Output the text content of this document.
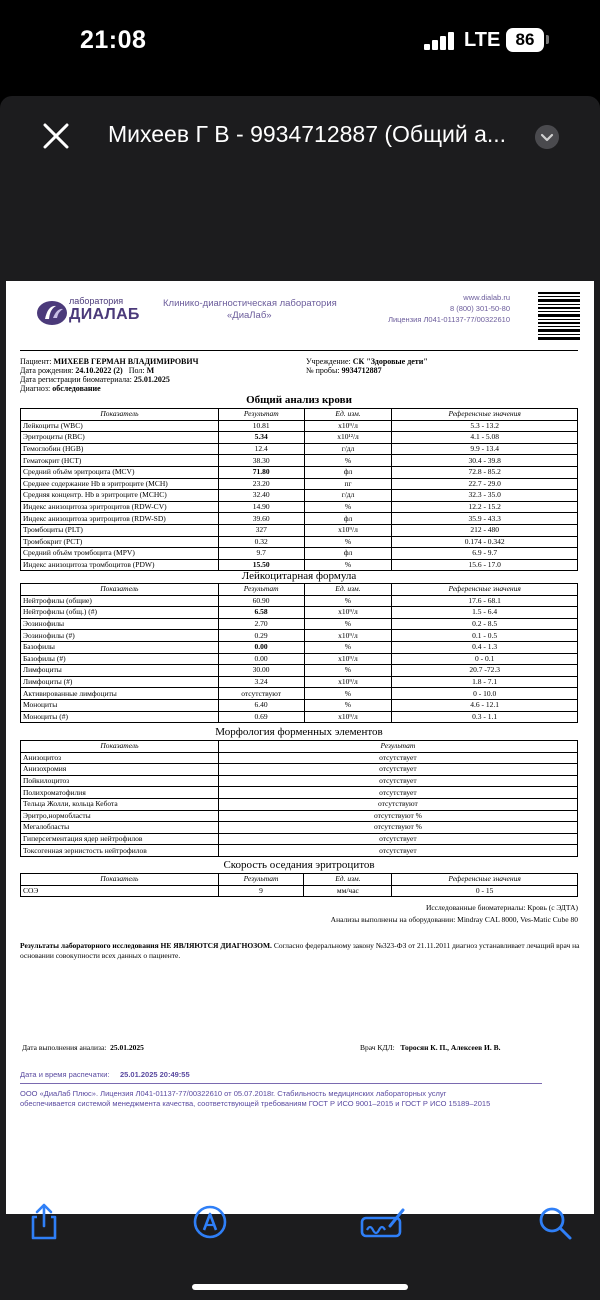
21:08	LTE 86
Михеев Г В - 9934712887 (Общий а...
лаборатория
ДИАЛАБ
Клинико-диагностическая лаборатория
«ДиаЛаб»
www.dialab.ru
8 (800) 301-50-80
Лицензия Л041-01137-77/00322610
Пациент: МИХЕЕВ ГЕРМАН ВЛАДИМИРОВИЧ
Дата рождения: 24.10.2022 (2) Пол: М
Дата регистрации биоматериала: 25.01.2025
Диагноз: обследование
Учреждение: СК "Здоровые дети"
№ пробы: 9934712887
Общий анализ крови
Показатель	Результат	Ед. изм.	Референсные значения
Лейкоциты (WBC)	10.81	x10⁹/л	5.3 - 13.2
Эритроциты (RBC)	5.34	x10¹²/л	4.1 - 5.08
Гемоглобин (HGB)	12.4	г/дл	9.9 - 13.4
Гематокрит (HCT)	38.30	%	30.4 - 39.8
Средний объём эритроцита (MCV)	71.80	фл	72.8 - 85.2
Среднее содержание Hb в эритроците (MCH)	23.20	пг	22.7 - 29.0
Средняя концентр. Hb в эритроците (MCHC)	32.40	г/дл	32.3 - 35.0
Индекс анизоцитоза эритроцитов (RDW-CV)	14.90	%	12.2 - 15.2
Индекс анизоцитоза эритроцитов (RDW-SD)	39.60	фл	35.9 - 43.3
Тромбоциты (PLT)	327	x10⁹/л	212 - 480
Тромбокрит (PCT)	0.32	%	0.174 - 0.342
Средний объём тромбоцита (MPV)	9.7	фл	6.9 - 9.7
Индекс анизоцитоза тромбоцитов (PDW)	15.50	%	15.6 - 17.0
Лейкоцитарная формула
Показатель	Результат	Ед. изм.	Референсные значения
Нейтрофилы (общие)	60.90	%	17.6 - 68.1
Нейтрофилы (общ.) (#)	6.58	x10⁹/л	1.5 - 6.4
Эозинофилы	2.70	%	0.2 - 8.5
Эозинофилы (#)	0.29	x10⁹/л	0.1 - 0.5
Базофилы	0.00	%	0.4 - 1.3
Базофилы (#)	0.00	x10⁹/л	0 - 0.1
Лимфоциты	30.00	%	20.7 -72.3
Лимфоциты (#)	3.24	x10⁹/л	1.8 - 7.1
Активированные лимфоциты	отсутствуют	%	0 - 10.0
Моноциты	6.40	%	4.6 - 12.1
Моноциты (#)	0.69	x10⁹/л	0.3 - 1.1
Морфология форменных элементов
Показатель	Результат
Анизоцитоз	отсутствует
Анизохромия	отсутствует
Пойкилоцитоз	отсутствует
Полихроматофилия	отсутствует
Тельца Жолли, кольца Кебота	отсутствуют
Эритро,нормобласты	отсутствуют %
Мегалобласты	отсутствуют %
Гиперсегментация ядер нейтрофилов	отсутствует
Токсогенная зернистость нейтрофилов	отсутствует
Скорость оседания эритроцитов
Показатель	Результат	Ед. изм.	Референсные значения
СОЭ	9	мм/час	0 - 15
Исследованные биоматериалы: Кровь (с ЭДТА)
Анализы выполнены на оборудовании: Mindray CAL 8000, Ves-Matic Cube 80
Результаты лабораторного исследования НЕ ЯВЛЯЮТСЯ ДИАГНОЗОМ. Согласно федеральному закону №323-ФЗ от 21.11.2011 диагноз устанавливает лечащий врач на основании совокупности всех данных о пациенте.
Дата выполнения анализа: 25.01.2025	Врач КДЛ: Торосян К. П., Алексеев И. В.
Дата и время распечатки: 25.01.2025 20:49:55
ООО «ДиаЛаб Плюс». Лицензия Л041-01137-77/00322610 от 05.07.2018г. Стабильность медицинских лабораторных услуг
обеспечивается системой менеджмента качества, соответствующей требованиям ГОСТ Р ИСО 9001–2015 и ГОСТ Р ИСО 15189–2015
